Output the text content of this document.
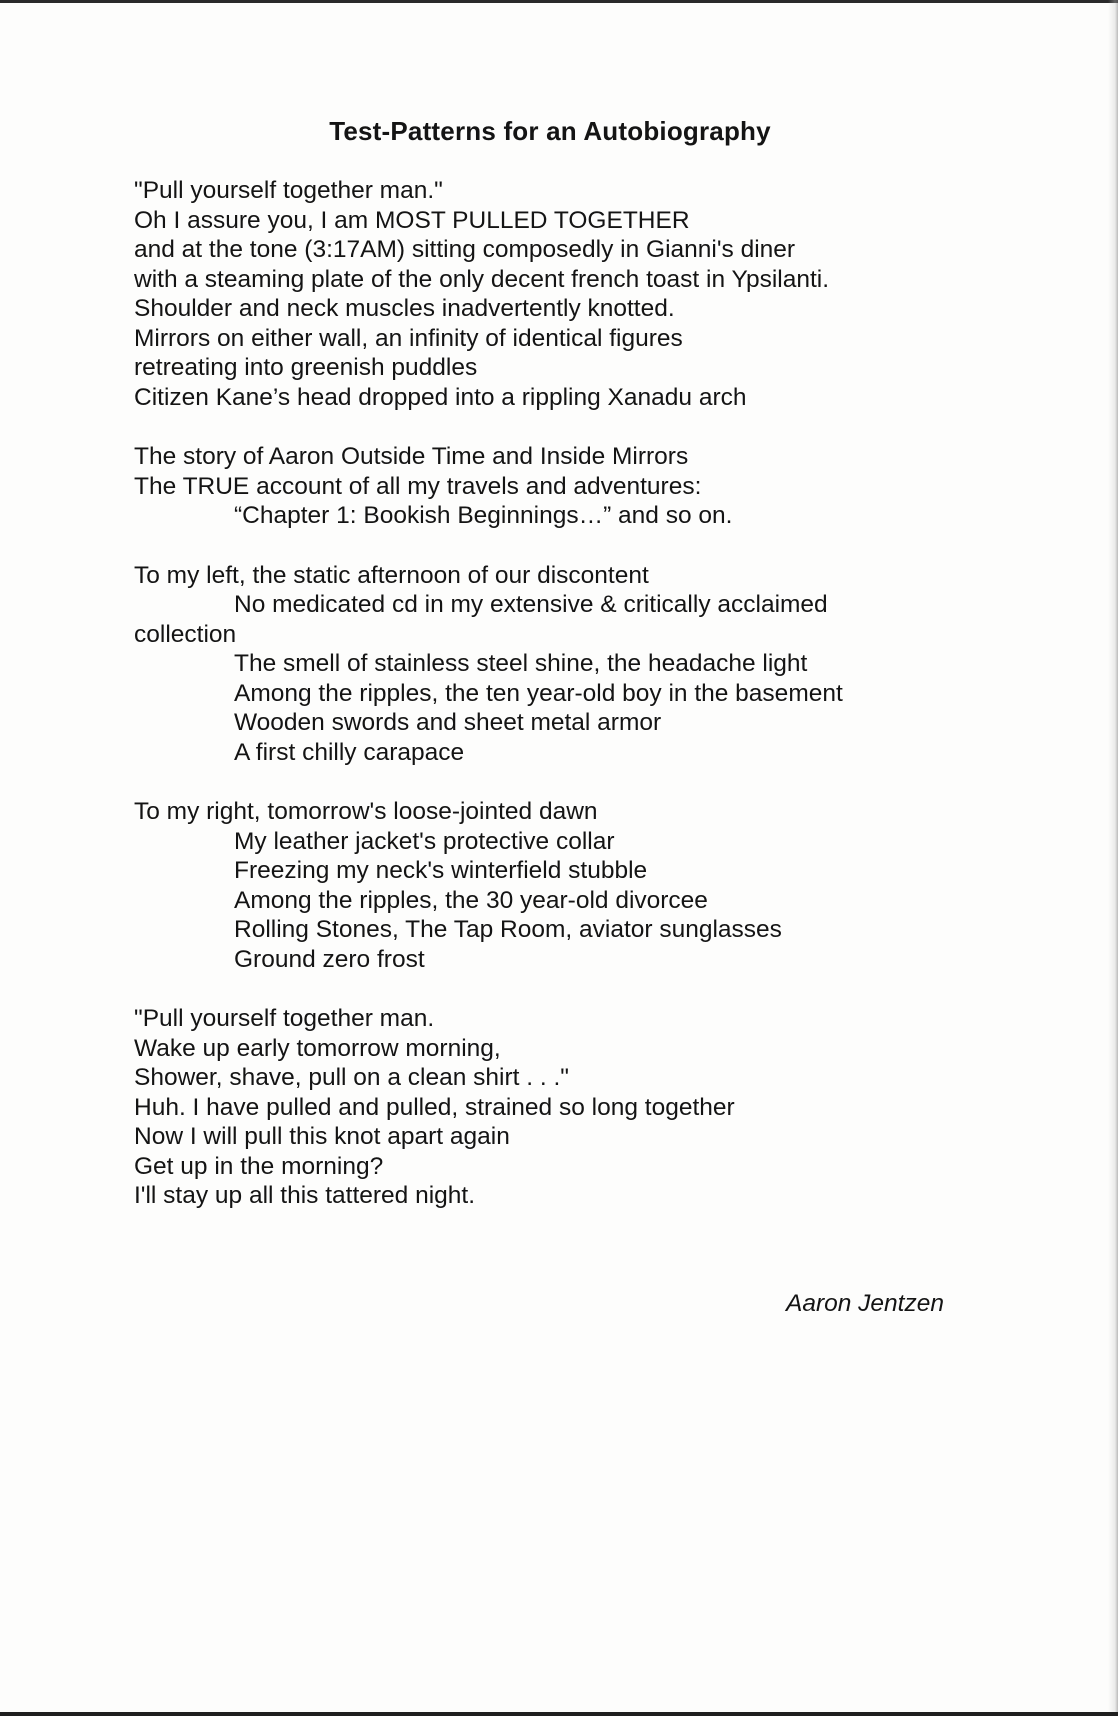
Test-Patterns for an Autobiography
"Pull yourself together man."
Oh I assure you, I am MOST PULLED TOGETHER
and at the tone (3:17AM) sitting composedly in Gianni's diner
with a steaming plate of the only decent french toast in Ypsilanti.
Shoulder and neck muscles inadvertently knotted.
Mirrors on either wall, an infinity of identical figures
retreating into greenish puddles
Citizen Kane’s head dropped into a rippling Xanadu arch
The story of Aaron Outside Time and Inside Mirrors
The TRUE account of all my travels and adventures:
“Chapter 1: Bookish Beginnings…” and so on.
To my left, the static afternoon of our discontent
No medicated cd in my extensive & critically acclaimed
collection
The smell of stainless steel shine, the headache light
Among the ripples, the ten year-old boy in the basement
Wooden swords and sheet metal armor
A first chilly carapace
To my right, tomorrow's loose-jointed dawn
My leather jacket's protective collar
Freezing my neck's winterfield stubble
Among the ripples, the 30 year-old divorcee
Rolling Stones, The Tap Room, aviator sunglasses
Ground zero frost
"Pull yourself together man.
Wake up early tomorrow morning,
Shower, shave, pull on a clean shirt . . ."
Huh. I have pulled and pulled, strained so long together
Now I will pull this knot apart again
Get up in the morning?
I'll stay up all this tattered night.
Aaron Jentzen
